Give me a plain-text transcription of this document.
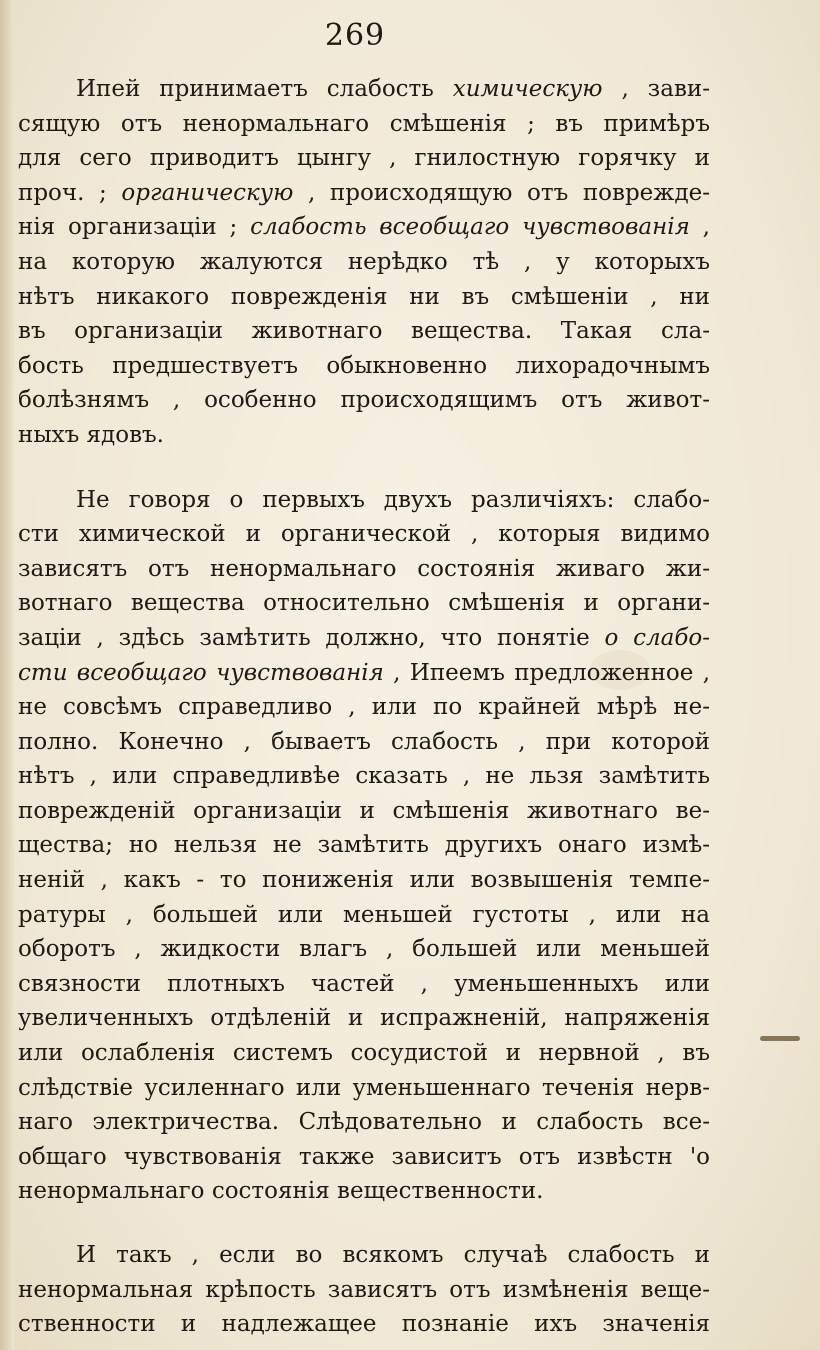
269
Ипей принимаетъ слабость химическую , зави-
сящую отъ ненормальнаго смѣшенія ; въ примѣръ
для сего приводитъ цынгу , гнилостную горячку и
проч. ; органическую , происходящую отъ поврежде-
нія организаціи ; слабость всеобщаго чувствованія ,
на которую жалуются нерѣдко тѣ , у которыхъ
нѣтъ никакого поврежденія ни въ смѣшеніи , ни
въ организаціи животнаго вещества. Такая сла-
бость предшествуетъ обыкновенно лихорадочнымъ
болѣзнямъ , особенно происходящимъ отъ живот-
ныхъ ядовъ.
Не говоря о первыхъ двухъ различіяхъ: слабо-
сти химической и органической , которыя видимо
зависятъ отъ ненормальнаго состоянія живаго жи-
вотнаго вещества относительно смѣшенія и органи-
заціи , здѣсь замѣтить должно, что понятіе о слабо-
сти всеобщаго чувствованія , Ипеемъ предложенное ,
не совсѣмъ справедливо , или по крайней мѣрѣ не-
полно. Конечно , бываетъ слабость , при которой
нѣтъ , или справедливѣе сказать , не льзя замѣтить
поврежденій организаціи и смѣшенія животнаго ве-
щества; но нельзя не замѣтить другихъ онаго измѣ-
неній , какъ - то пониженія или возвышенія темпе-
ратуры , большей или меньшей густоты , или на
оборотъ , жидкости влагъ , большей или меньшей
связности плотныхъ частей , уменьшенныхъ или
увеличенныхъ отдѣленій и испражненій, напряженія
или ослабленія системъ сосудистой и нервной , въ
слѣдствіе усиленнаго или уменьшеннаго теченія нерв-
наго электричества. Слѣдовательно и слабость все-
общаго чувствованія также зависитъ отъ извѣстн 'о
ненормальнаго состоянія вещественности.
И такъ , если во всякомъ случаѣ слабость и
ненормальная крѣпость зависятъ отъ измѣненія веще-
ственности и надлежащее познаніе ихъ значенія
